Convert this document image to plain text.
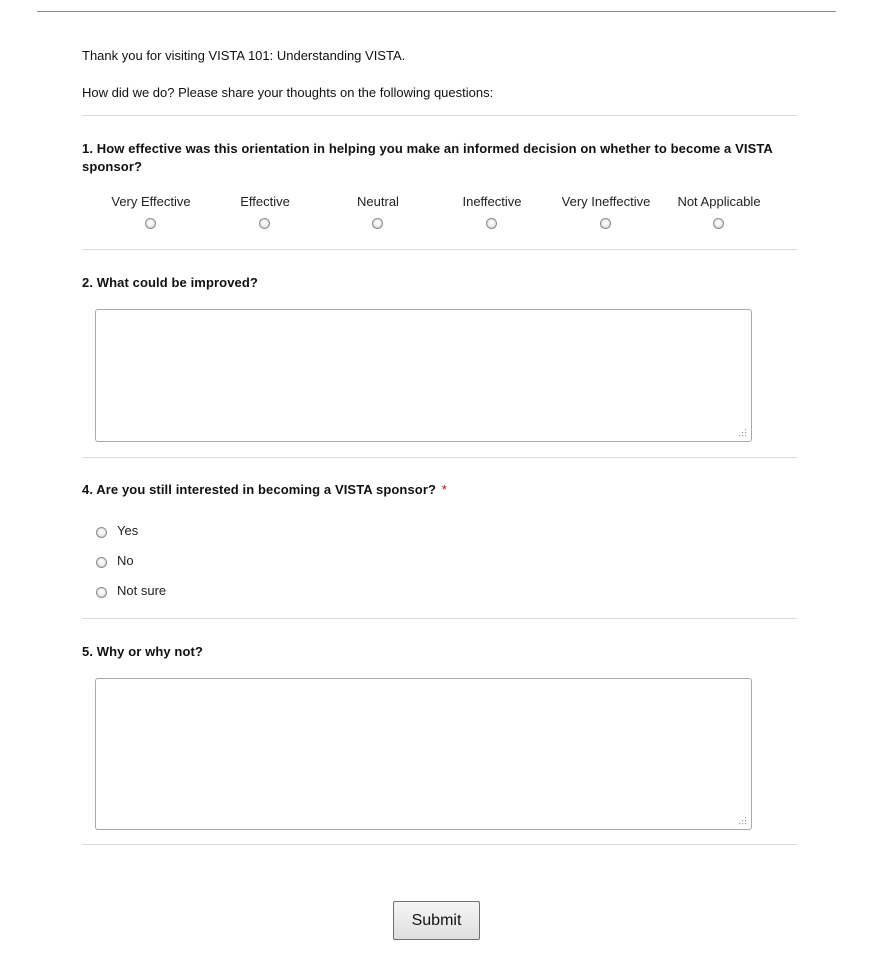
Thank you for visiting VISTA 101: Understanding VISTA.
How did we do? Please share your thoughts on the following questions:
1. How effective was this orientation in helping you make an informed decision on whether to become a VISTA sponsor?
Very Effective	Effective	Neutral	Ineffective	Very Ineffective	Not Applicable
2. What could be improved?
4. Are you still interested in becoming a VISTA sponsor? *
Yes
No
Not sure
5. Why or why not?
Submit
